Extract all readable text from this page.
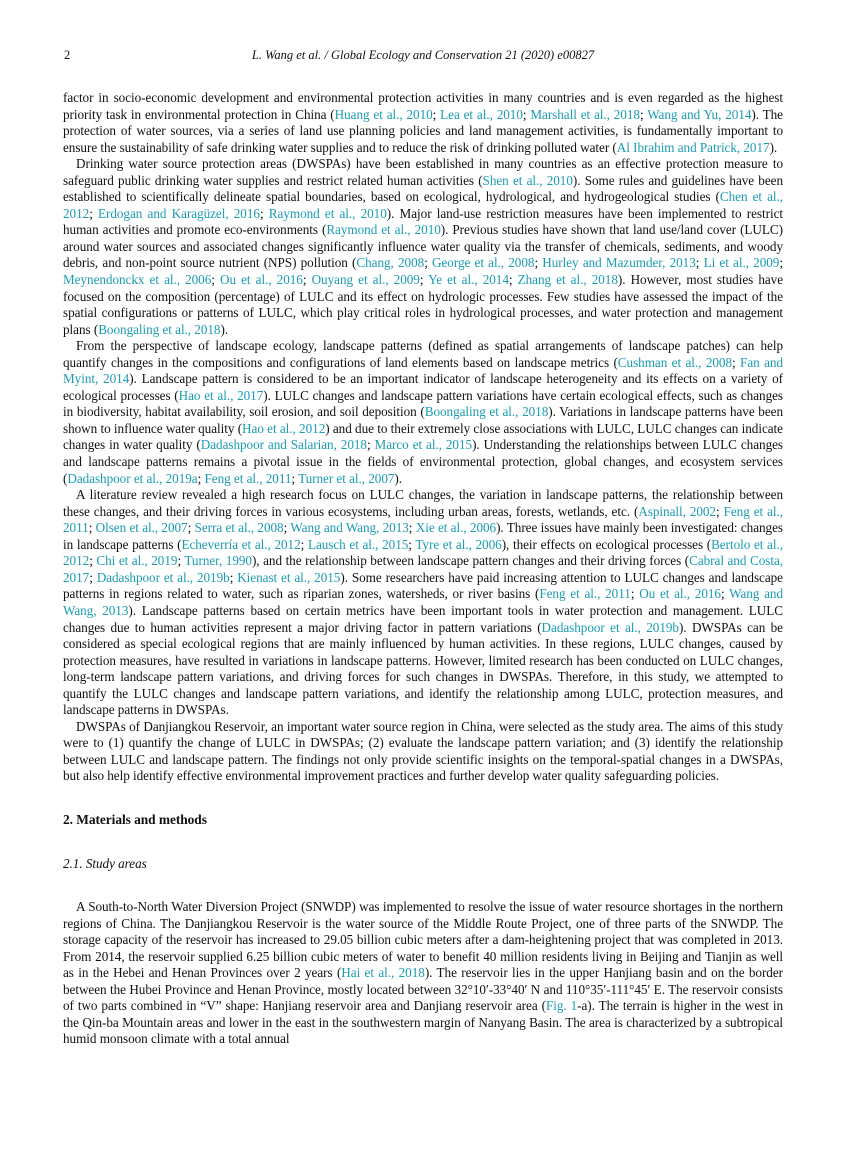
2	L. Wang et al. / Global Ecology and Conservation 21 (2020) e00827

factor in socio-economic development and environmental protection activities in many countries and is even regarded as the highest priority task in environmental protection in China (Huang et al., 2010; Lea et al., 2010; Marshall et al., 2018; Wang and Yu, 2014). The protection of water sources, via a series of land use planning policies and land management activities, is fundamentally important to ensure the sustainability of safe drinking water supplies and to reduce the risk of drinking polluted water (Al Ibrahim and Patrick, 2017).

Drinking water source protection areas (DWSPAs) have been established in many countries as an effective protection measure to safeguard public drinking water supplies and restrict related human activities (Shen et al., 2010). Some rules and guidelines have been established to scientifically delineate spatial boundaries, based on ecological, hydrological, and hydrogeological studies (Chen et al., 2012; Erdogan and Karagüzel, 2016; Raymond et al., 2010). Major land-use restriction measures have been implemented to restrict human activities and promote eco-environments (Raymond et al., 2010). Previous studies have shown that land use/land cover (LULC) around water sources and associated changes significantly influence water quality via the transfer of chemicals, sediments, and woody debris, and non-point source nutrient (NPS) pollution (Chang, 2008; George et al., 2008; Hurley and Mazumder, 2013; Li et al., 2009; Meynendonckx et al., 2006; Ou et al., 2016; Ouyang et al., 2009; Ye et al., 2014; Zhang et al., 2018). However, most studies have focused on the composition (percentage) of LULC and its effect on hydrologic processes. Few studies have assessed the impact of the spatial configurations or patterns of LULC, which play critical roles in hydrological processes, and water protection and management plans (Boongaling et al., 2018).

From the perspective of landscape ecology, landscape patterns (defined as spatial arrangements of landscape patches) can help quantify changes in the compositions and configurations of land elements based on landscape metrics (Cushman et al., 2008; Fan and Myint, 2014). Landscape pattern is considered to be an important indicator of landscape heterogeneity and its effects on a variety of ecological processes (Hao et al., 2017). LULC changes and landscape pattern variations have certain ecological effects, such as changes in biodiversity, habitat availability, soil erosion, and soil deposition (Boongaling et al., 2018). Variations in landscape patterns have been shown to influence water quality (Hao et al., 2012) and due to their extremely close associations with LULC, LULC changes can indicate changes in water quality (Dadashpoor and Salarian, 2018; Marco et al., 2015). Understanding the relationships between LULC changes and landscape patterns remains a pivotal issue in the fields of environmental protection, global changes, and ecosystem services (Dadashpoor et al., 2019a; Feng et al., 2011; Turner et al., 2007).

A literature review revealed a high research focus on LULC changes, the variation in landscape patterns, the relationship between these changes, and their driving forces in various ecosystems, including urban areas, forests, wetlands, etc. (Aspinall, 2002; Feng et al., 2011; Olsen et al., 2007; Serra et al., 2008; Wang and Wang, 2013; Xie et al., 2006). Three issues have mainly been investigated: changes in landscape patterns (Echeverría et al., 2012; Lausch et al., 2015; Tyre et al., 2006), their effects on ecological processes (Bertolo et al., 2012; Chi et al., 2019; Turner, 1990), and the relationship between landscape pattern changes and their driving forces (Cabral and Costa, 2017; Dadashpoor et al., 2019b; Kienast et al., 2015). Some researchers have paid increasing attention to LULC changes and landscape patterns in regions related to water, such as riparian zones, watersheds, or river basins (Feng et al., 2011; Ou et al., 2016; Wang and Wang, 2013). Landscape patterns based on certain metrics have been important tools in water protection and management. LULC changes due to human activities represent a major driving factor in pattern variations (Dadashpoor et al., 2019b). DWSPAs can be considered as special ecological regions that are mainly influenced by human activities. In these regions, LULC changes, caused by protection measures, have resulted in variations in landscape patterns. However, limited research has been conducted on LULC changes, long-term landscape pattern variations, and driving forces for such changes in DWSPAs. Therefore, in this study, we attempted to quantify the LULC changes and landscape pattern variations, and identify the relationship among LULC, protection measures, and landscape patterns in DWSPAs.

DWSPAs of Danjiangkou Reservoir, an important water source region in China, were selected as the study area. The aims of this study were to (1) quantify the change of LULC in DWSPAs; (2) evaluate the landscape pattern variation; and (3) identify the relationship between LULC and landscape pattern. The findings not only provide scientific insights on the temporal-spatial changes in a DWSPAs, but also help identify effective environmental improvement practices and further develop water quality safeguarding policies.

2. Materials and methods
2.1. Study areas

A South-to-North Water Diversion Project (SNWDP) was implemented to resolve the issue of water resource shortages in the northern regions of China. The Danjiangkou Reservoir is the water source of the Middle Route Project, one of three parts of the SNWDP. The storage capacity of the reservoir has increased to 29.05 billion cubic meters after a dam-heightening project that was completed in 2013. From 2014, the reservoir supplied 6.25 billion cubic meters of water to benefit 40 million residents living in Beijing and Tianjin as well as in the Hebei and Henan Provinces over 2 years (Hai et al., 2018). The reservoir lies in the upper Hanjiang basin and on the border between the Hubei Province and Henan Province, mostly located between 32°10′-33°40′ N and 110°35′-111°45′ E. The reservoir consists of two parts combined in “V” shape: Hanjiang reservoir area and Danjiang reservoir area (Fig. 1-a). The terrain is higher in the west in the Qin-ba Mountain areas and lower in the east in the southwestern margin of Nanyang Basin. The area is characterized by a subtropical humid monsoon climate with a total annual
